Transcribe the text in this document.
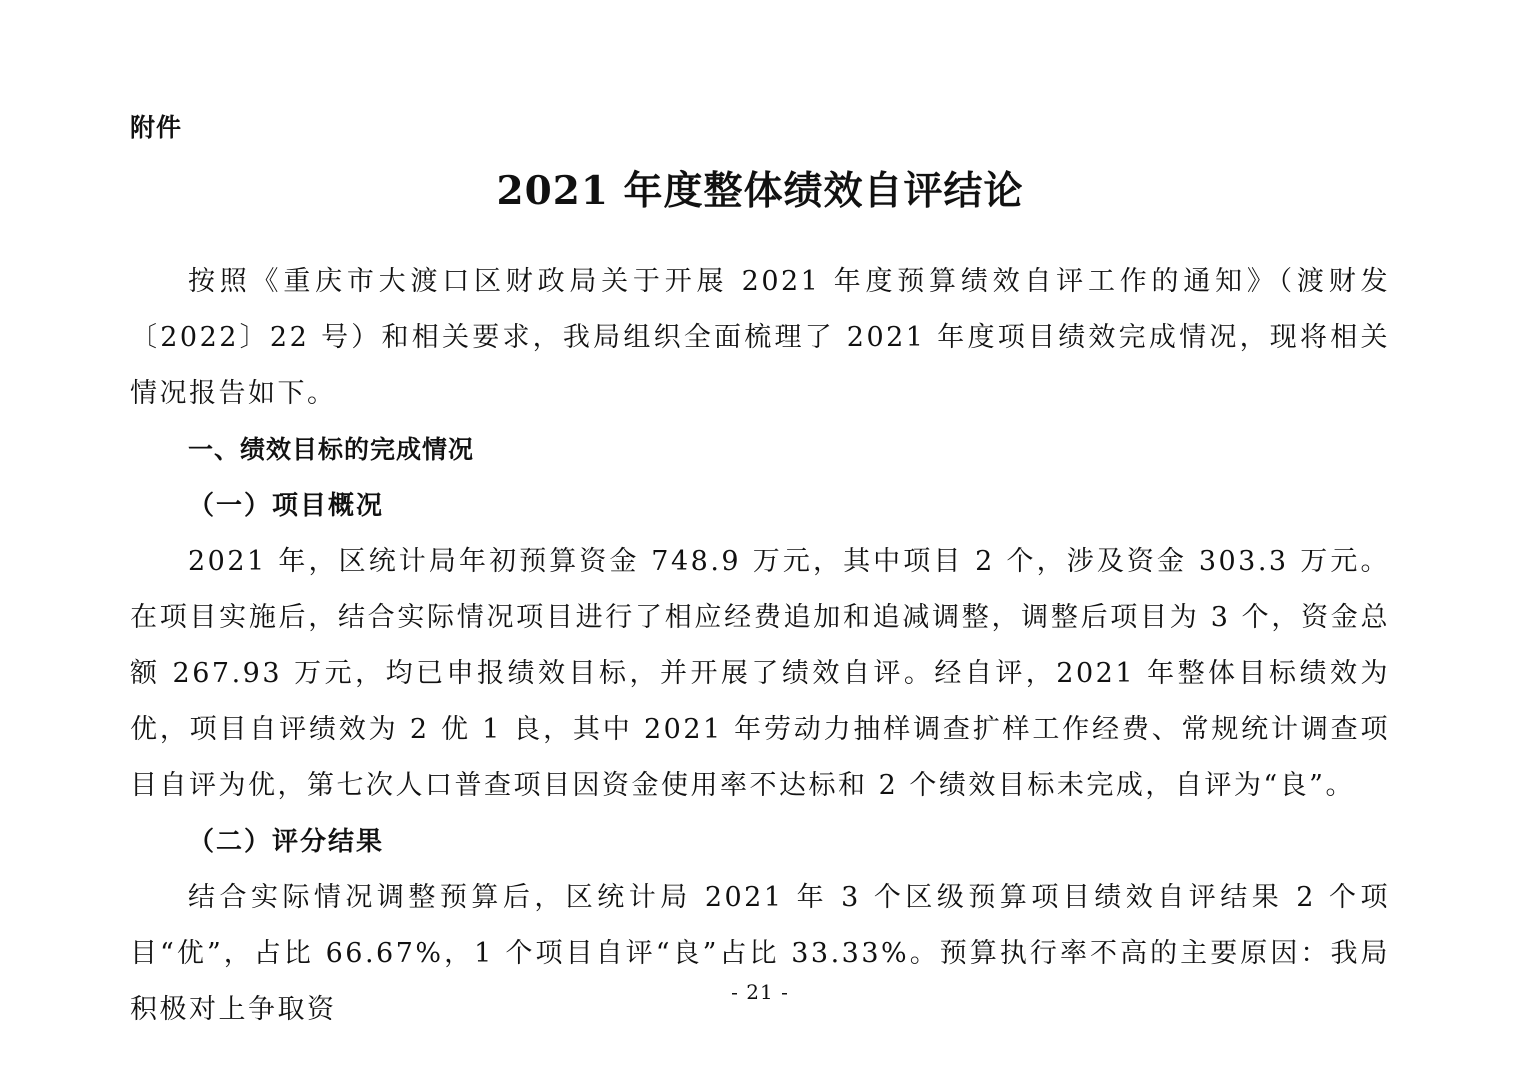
附件
2021 年度整体绩效自评结论

按照《重庆市大渡口区财政局关于开展 2021 年度预算绩效自评工作的通知》（渡财发〔2022〕22 号）和相关要求，我局组织全面梳理了 2021 年度项目绩效完成情况，现将相关情况报告如下。

一、绩效目标的完成情况

（一）项目概况

2021 年，区统计局年初预算资金 748.9 万元，其中项目 2 个，涉及资金 303.3 万元。在项目实施后，结合实际情况项目进行了相应经费追加和追减调整，调整后项目为 3 个，资金总额 267.93 万元，均已申报绩效目标，并开展了绩效自评。经自评，2021 年整体目标绩效为优，项目自评绩效为 2 优 1 良，其中 2021 年劳动力抽样调查扩样工作经费、常规统计调查项目自评为优，第七次人口普查项目因资金使用率不达标和 2 个绩效目标未完成，自评为“良”。

（二）评分结果

结合实际情况调整预算后，区统计局 2021 年 3 个区级预算项目绩效自评结果 2 个项目“优”，占比 66.67%，1 个项目自评“良”占比 33.33%。预算执行率不高的主要原因：我局积极对上争取资

- 21 -
